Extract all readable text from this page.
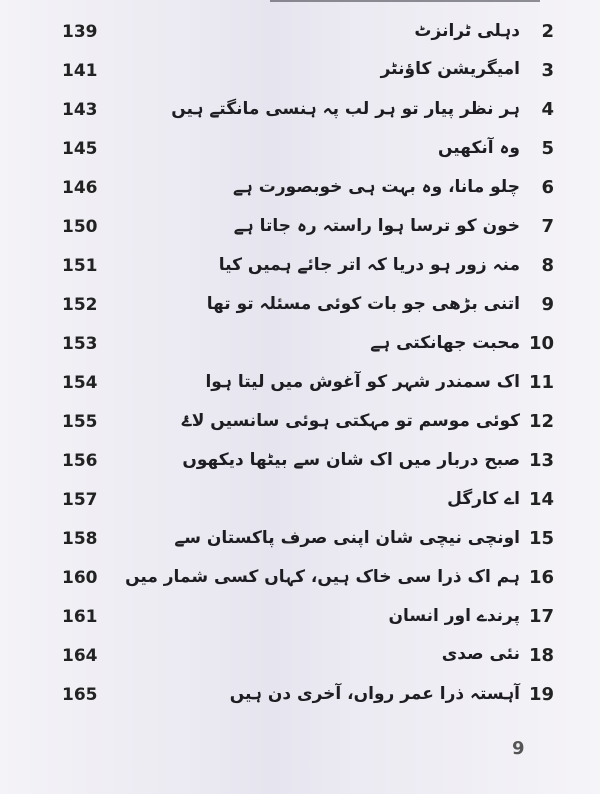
139	دہلی ٹرانزٹ	2
141	امیگریشن کاؤنٹر	3
143	ہر نظر پیار تو ہر لب پہ ہنسی مانگتے ہیں	4
145	وہ آنکھیں	5
146	چلو مانا، وہ بہت ہی خوبصورت ہے	6
150	خون کو ترسا ہوا راستہ رہ جاتا ہے	7
151	منہ زور ہو دریا کہ اتر جائے ہمیں کیا	8
152	اتنی بڑھی جو بات کوئی مسئلہ تو تھا	9
153	محبت جھانکتی ہے 10
154	اک سمندر شہر کو آغوش میں لیتا ہوا 11
155	کوئی موسم تو مہکتی ہوئی سانسیں لاۓ 12
156	صبح دربار میں اک شان سے بیٹھا دیکھوں 13
157	اے کارگل 14
158	اونچی نیچی شان اپنی صرف پاکستان سے 15
160	ہم اک ذرا سی خاک ہیں، کہاں کسی شمار میں 16
161	پرندے اور انسان 17
164	نئی صدی 18
165	آہستہ ذرا عمر رواں، آخری دن ہیں 19
9
